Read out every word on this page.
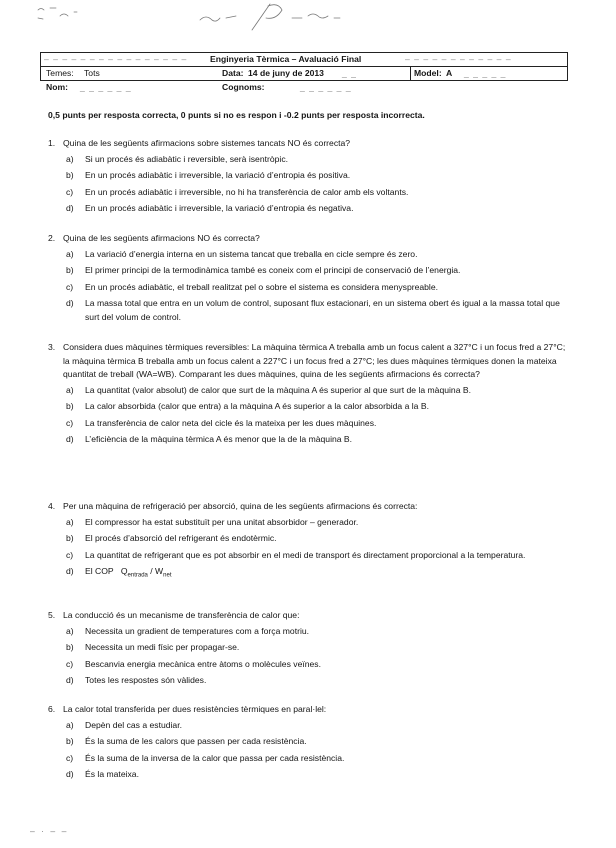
– – – – – – – – – – – – – – – –	Enginyeria Tèrmica – Avaluació Final	– – – – – – – – – – – –
Temes: Tots	Data: 14 de juny de 2013 _ _	Model: A _ _ _ _ _
Nom: _ _ _ _ _ _	Cognoms:	_ _ _ _ _ _
0,5 punts per resposta correcta, 0 punts si no es respon i -0.2 punts per resposta incorrecta.
1. Quina de les següents afirmacions sobre sistemes tancats NO és correcta?
a) Si un procés és adiabàtic i reversible, serà isentròpic.
b) En un procés adiabàtic i irreversible, la variació d’entropia és positiva.
c) En un procés adiabàtic i irreversible, no hi ha transferència de calor amb els voltants.
d) En un procés adiabàtic i irreversible, la variació d’entropia és negativa.
2. Quina de les següents afirmacions NO és correcta?
a) La variació d’energia interna en un sistema tancat que treballa en cicle sempre és zero.
b) El primer principi de la termodinàmica també es coneix com el principi de conservació de l’energia.
c) En un procés adiabàtic, el treball realitzat pel o sobre el sistema es considera menyspreable.
d) La massa total que entra en un volum de control, suposant flux estacionari, en un sistema obert és igual a la massa total que surt del volum de control.
3. Considera dues màquines tèrmiques reversibles: La màquina tèrmica A treballa amb un focus calent a 327°C i un focus fred a 27°C; la màquina tèrmica B treballa amb un focus calent a 227°C i un focus fred a 27°C; les dues màquines tèrmiques donen la mateixa quantitat de treball (WA=WB). Comparant les dues màquines, quina de les següents afirmacions és correcta?
a) La quantitat (valor absolut) de calor que surt de la màquina A és superior al que surt de la màquina B.
b) La calor absorbida (calor que entra) a la màquina A és superior a la calor absorbida a la B.
c) La transferència de calor neta del cicle és la mateixa per les dues màquines.
d) L’eficiència de la màquina tèrmica A és menor que la de la màquina B.
4. Per una màquina de refrigeració per absorció, quina de les següents afirmacions és correcta:
a) El compressor ha estat substituït per una unitat absorbidor – generador.
b) El procés d’absorció del refrigerant és endotèrmic.
c) La quantitat de refrigerant que es pot absorbir en el medi de transport és directament proporcional a la temperatura.
d) El COP $Q_{entrada} / W_{net}$
5. La conducció és un mecanisme de transferència de calor que:
a) Necessita un gradient de temperatures com a força motriu.
b) Necessita un medi físic per propagar-se.
c) Bescanvia energia mecànica entre àtoms o molècules veïnes.
d) Totes les respostes són vàlides.
6. La calor total transferida per dues resistències tèrmiques en paral·lel:
a) Depèn del cas a estudiar.
b) És la suma de les calors que passen per cada resistència.
c) És la suma de la inversa de la calor que passa per cada resistència.
d) És la mateixa.
– · – –
